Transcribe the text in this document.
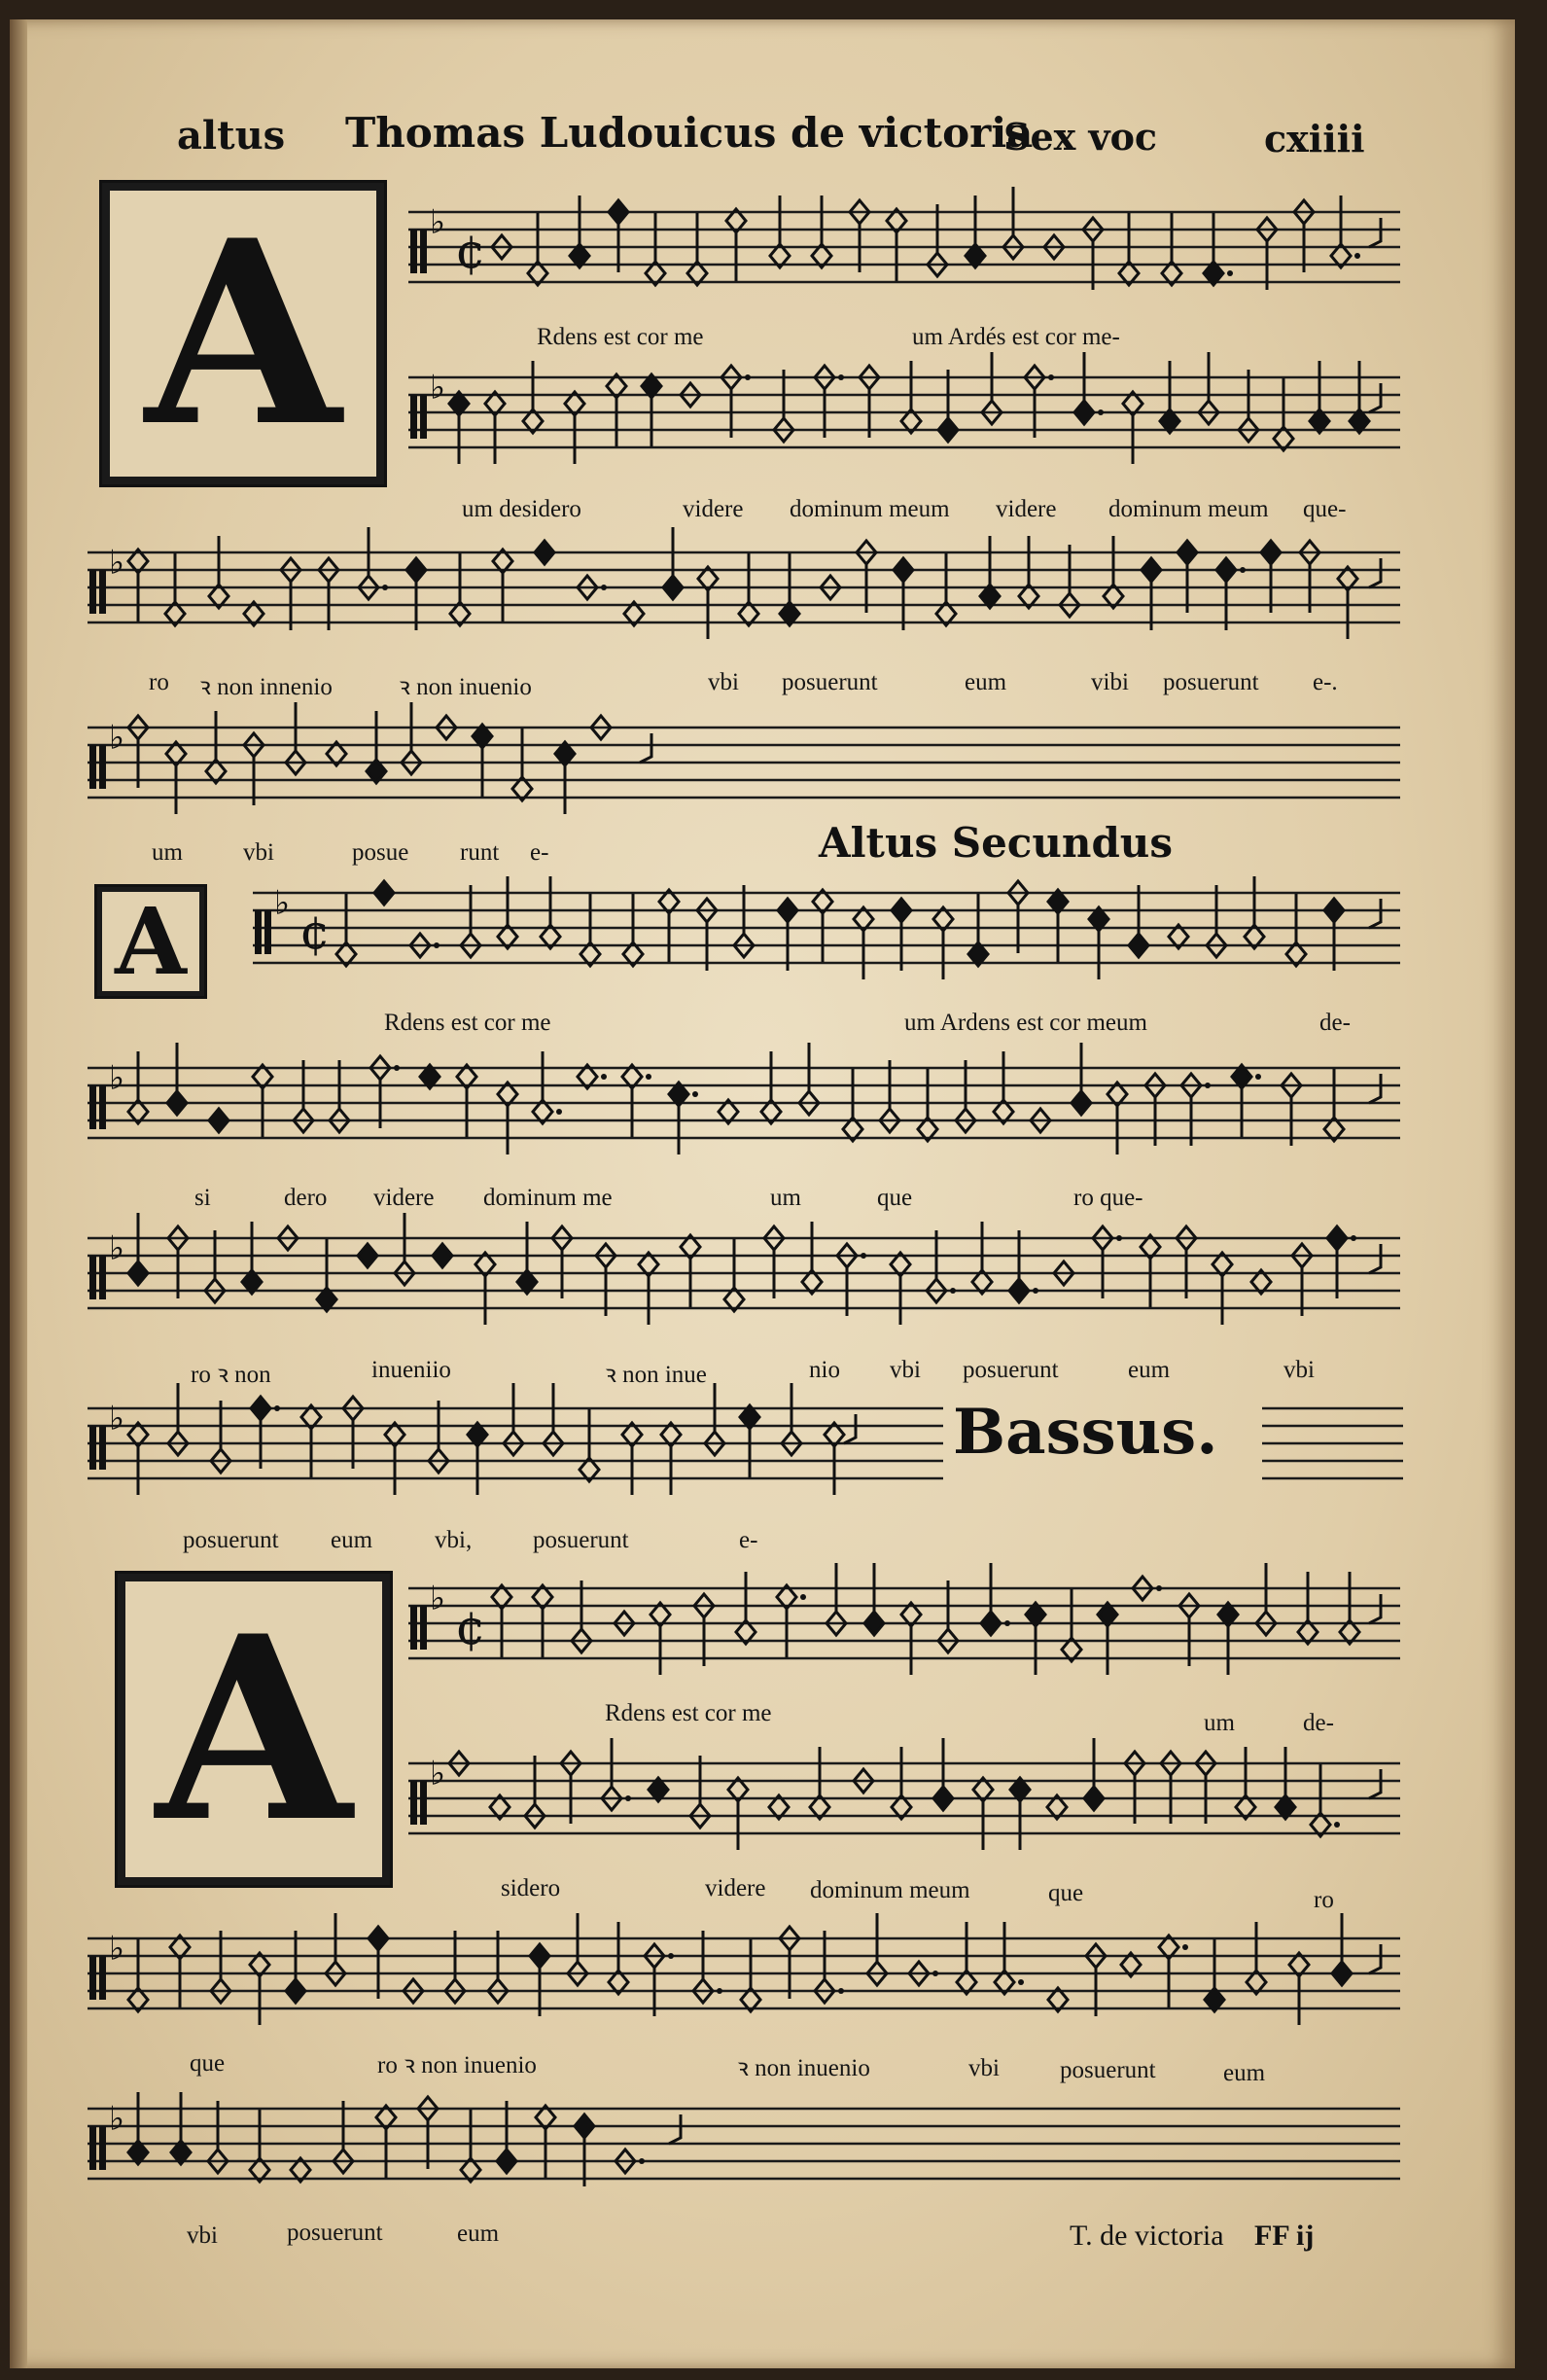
altus Thomas Ludouicus de victoria
Sex voc	cxiiii
A
A
A
Altus Secundus
Bassus.
♭
¢
♭
♭
♭
♭
¢
♭
♭
♭
♭
¢
♭
♭
♭
Rdens est cor me	um Ardés est cor me-
um desidero	videre dominum meum videre dominum meum que-
ro ꝛ non innenio	ꝛ non inuenio	vbi posuerunt	eum	vibi posuerunt e-.
um vbi	posue runt e-
Rdens est cor me	um Ardens est cor meum	de-
si	dero videre dominum me	um	que	ro que-
ro ꝛ non	inueniio	ꝛ non inue	nio vbi posuerunt	eum	vbi
posuerunt eum	vbi,	posuerunt	e-
Rdens est cor me	um	de-
sidero	videre dominum meum	que	ro
que	ro ꝛ non inuenio	ꝛ non inuenio	vbi posuerunt	eum
vbi	posuerunt	eum	T. de victoria FF ij
